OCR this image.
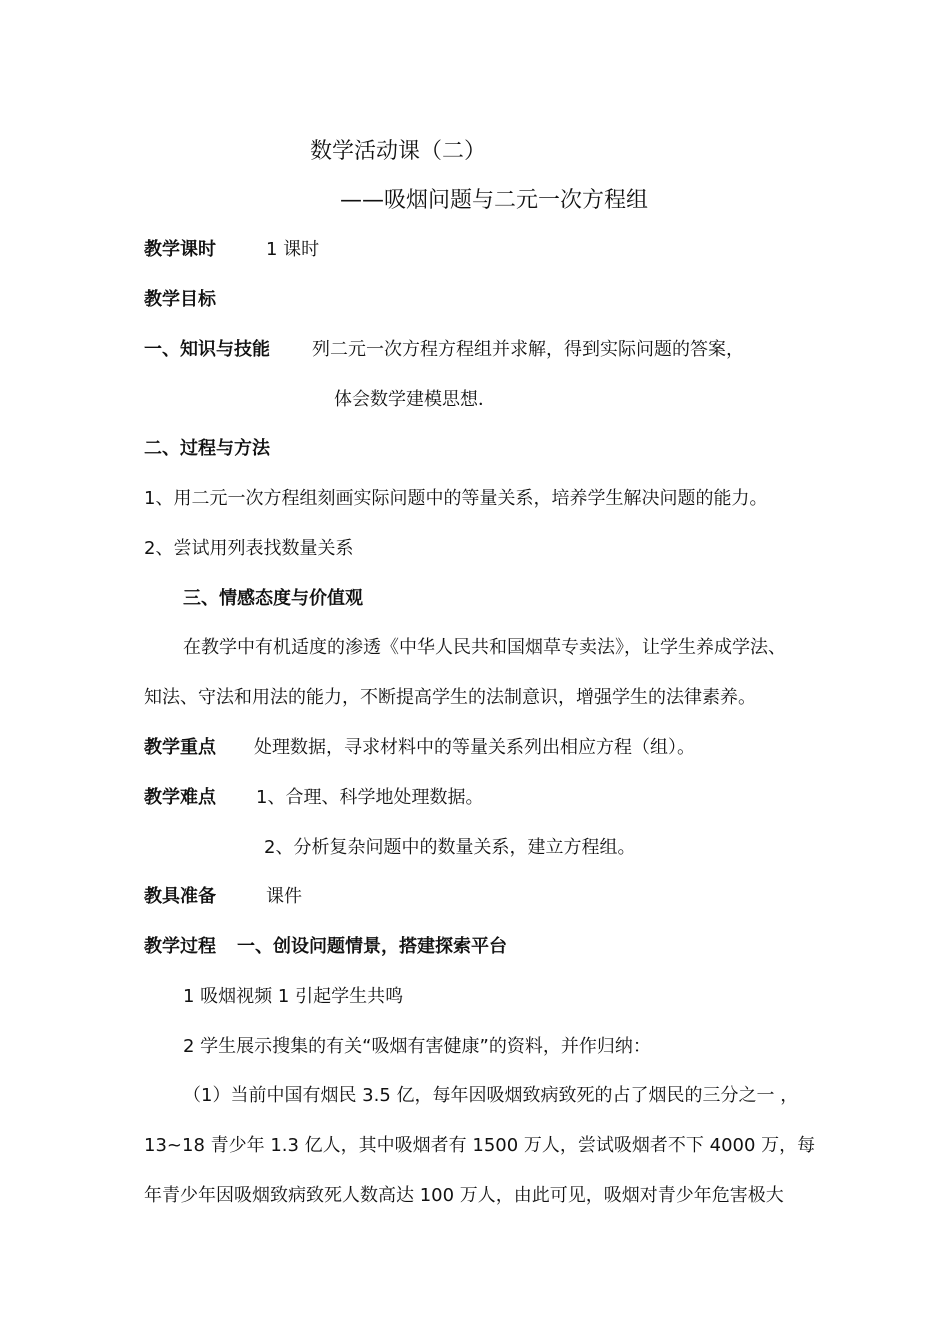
数学活动课（二）
——吸烟问题与二元一次方程组
教学课时	1 课时
教学目标
一、知识与技能 列二元一次方程方程组并求解，得到实际问题的答案，
体会数学建模思想．
二、过程与方法
1、用二元一次方程组刻画实际问题中的等量关系，培养学生解决问题的能力。
2、尝试用列表找数量关系
三、情感态度与价值观
在教学中有机适度的渗透《中华人民共和国烟草专卖法》，让学生养成学法、
知法、守法和用法的能力，不断提高学生的法制意识，增强学生的法律素养。
教学重点 处理数据，寻求材料中的等量关系列出相应方程（组）。
教学难点 1、合理、科学地处理数据。
2、分析复杂问题中的数量关系，建立方程组。
教具准备	课件
教学过程 一、创设问题情景，搭建探索平台
1 吸烟视频 1 引起学生共鸣
2 学生展示搜集的有关“吸烟有害健康”的资料，并作归纳：
（1）当前中国有烟民 3.5 亿，每年因吸烟致病致死的占了烟民的三分之一 ，
13~18 青少年 1.3 亿人，其中吸烟者有 1500 万人，尝试吸烟者不下 4000 万，每
年青少年因吸烟致病致死人数高达 100 万人，由此可见，吸烟对青少年危害极大
